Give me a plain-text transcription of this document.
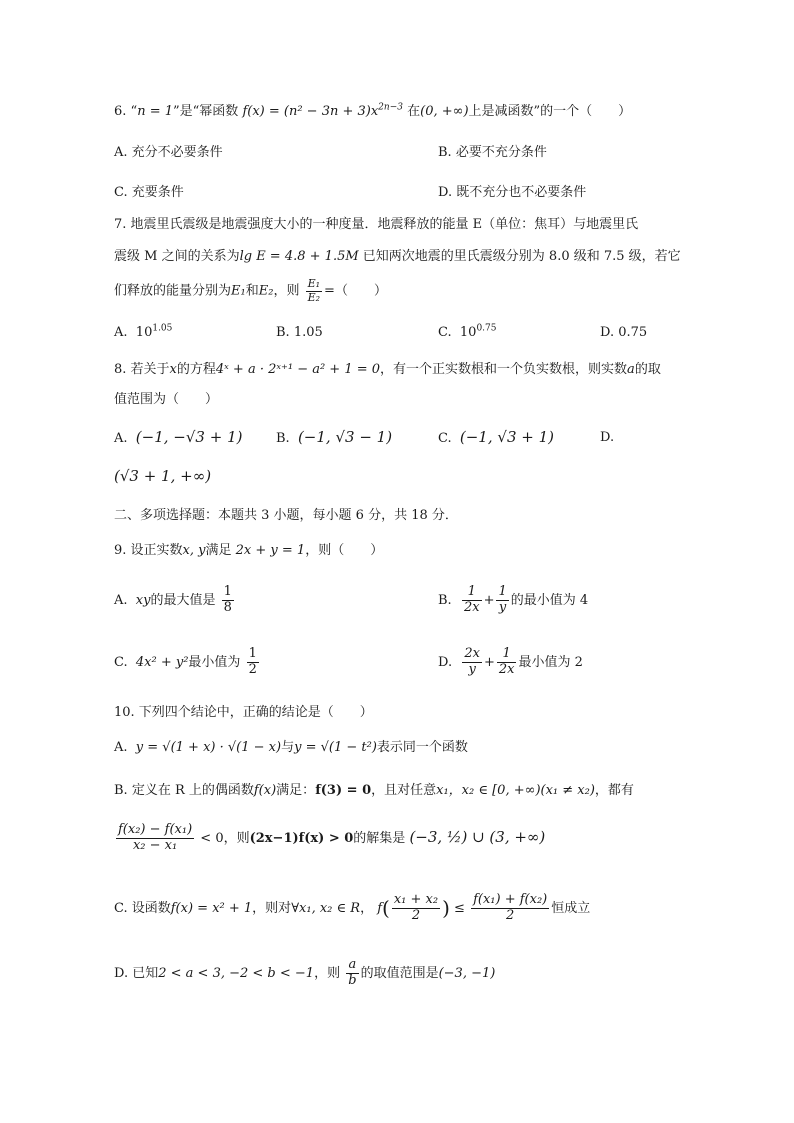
6. “n = 1”是“幂函数 $f(x) = (n^2 - 3n + 3)x^{2n-3}$ 在(0, +∞)上是减函数”的一个（　　）
A. 充分不必要条件	B. 必要不充分条件
C. 充要条件	D. 既不充分也不必要条件
7. 地震里氏震级是地震强度大小的一种度量．地震释放的能量 E（单位：焦耳）与地震里氏
震级 M 之间的关系为lg E = 4.8 + 1.5M 已知两次地震的里氏震级分别为 8.0 级和 7.5 级，若它
们释放的能量分别为E₁和E₂，则 $\frac{\text{E₁}}{\text{E₂}}$ =（　　）
A. $10^{1.05}$	B. 1.05	C. $10^{0.75}$	D. 0.75
8. 若关于x的方程4ˣ + a · 2ˣ⁺¹ − a² + 1 = 0，有一个正实数根和一个负实数根，则实数a的取
值范围为（　　）
A. (−1, −√3 + 1)	B. (−1, √3 − 1)	C. (−1, √3 + 1)	D.
(√3 + 1, +∞)
二、多项选择题：本题共 3 小题，每小题 6 分，共 18 分．
9. 设正实数x, y满足 2x + y = 1，则（　　）
A. xy的最大值是 $\frac{1}{8}$	B. $\frac{1}{2x} + \frac{1}{y}$ 的最小值为 4
C. 4x² + y²最小值为 $\frac{1}{2}$	D. $\frac{2x}{y} + \frac{1}{2x}$ 最小值为 2
10. 下列四个结论中，正确的结论是（　　）
A. y = √(1 + x) · √(1 − x)与y = √(1 − t²)表示同一个函数
B. 定义在 R 上的偶函数f(x)满足：f(3) = 0，且对任意x₁，x₂ ∈ [0, +∞)(x₁ ≠ x₂)，都有
$\frac{\text{f(x₂) − f(x₁)}}{\text{x₂ − x₁}} < 0$，则(2x−1)f(x) > 0的解集是 (−3, ½) ∪ (3, +∞)
C. 设函数f(x) = x² + 1，则对∀x₁, x₂ ∈ R， $f( \frac{\text{x₁ + x₂}}{2}$ ) ≤ $\frac{\text{f(x₁) + f(x₂)}}{2}$ 恒成立
D. 已知2 < a < 3, −2 < b < −1，则 $\frac{a}{b}$ 的取值范围是(−3, −1)
